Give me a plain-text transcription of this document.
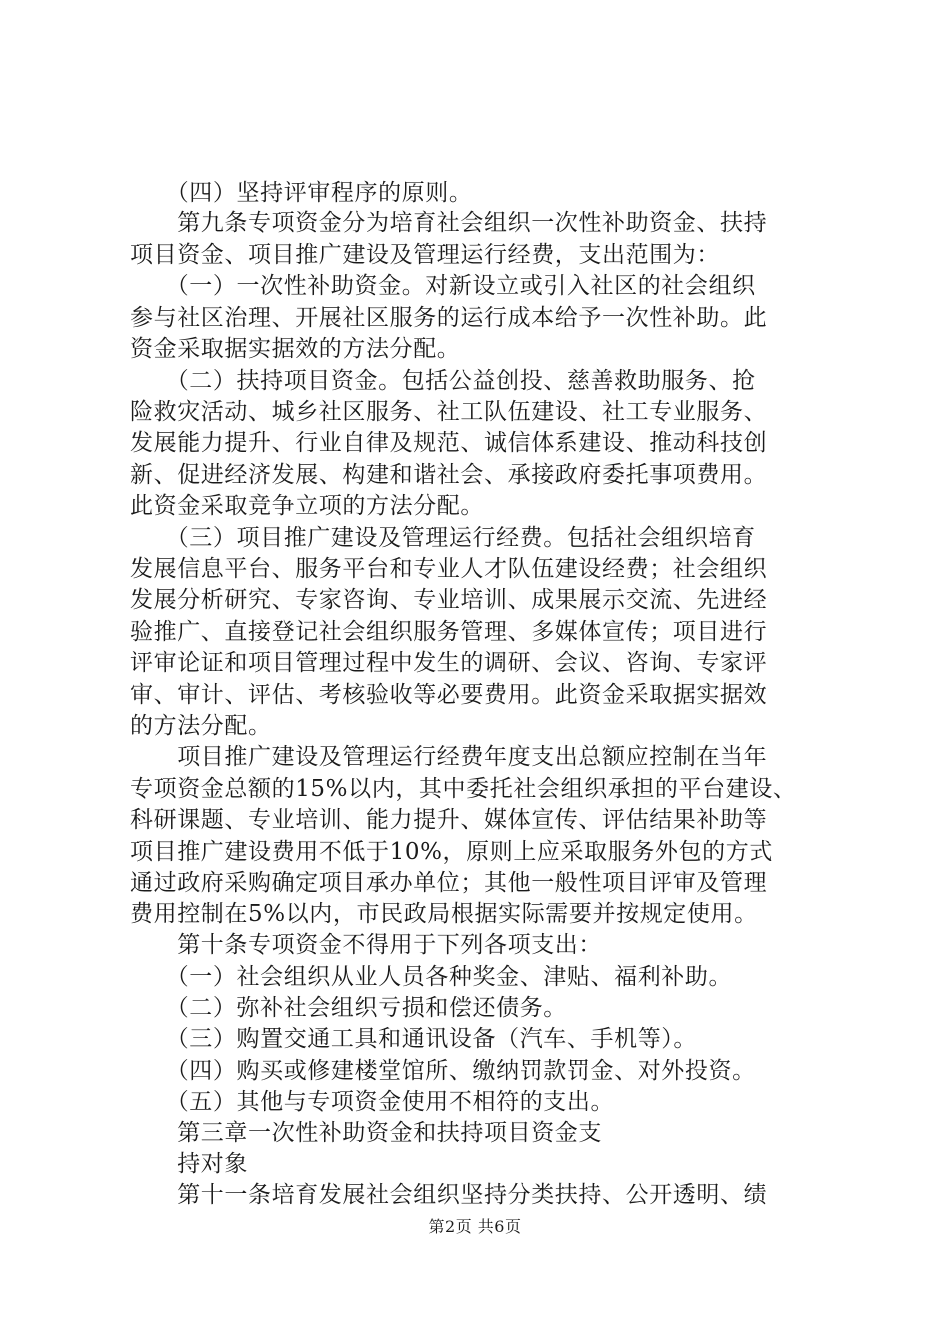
　　（四）坚持评审程序的原则。
　　第九条专项资金分为培育社会组织一次性补助资金、扶持
项目资金、项目推广建设及管理运行经费，支出范围为：
　　（一）一次性补助资金。对新设立或引入社区的社会组织
参与社区治理、开展社区服务的运行成本给予一次性补助。此
资金采取据实据效的方法分配。
　　（二）扶持项目资金。包括公益创投、慈善救助服务、抢
险救灾活动、城乡社区服务、社工队伍建设、社工专业服务、
发展能力提升、行业自律及规范、诚信体系建设、推动科技创
新、促进经济发展、构建和谐社会、承接政府委托事项费用。
此资金采取竞争立项的方法分配。
　　（三）项目推广建设及管理运行经费。包括社会组织培育
发展信息平台、服务平台和专业人才队伍建设经费；社会组织
发展分析研究、专家咨询、专业培训、成果展示交流、先进经
验推广、直接登记社会组织服务管理、多媒体宣传；项目进行
评审论证和项目管理过程中发生的调研、会议、咨询、专家评
审、审计、评估、考核验收等必要费用。此资金采取据实据效
的方法分配。
　　项目推广建设及管理运行经费年度支出总额应控制在当年
专项资金总额的15%以内，其中委托社会组织承担的平台建设、
科研课题、专业培训、能力提升、媒体宣传、评估结果补助等
项目推广建设费用不低于10%，原则上应采取服务外包的方式
通过政府采购确定项目承办单位；其他一般性项目评审及管理
费用控制在5%以内，市民政局根据实际需要并按规定使用。
　　第十条专项资金不得用于下列各项支出：
　　（一）社会组织从业人员各种奖金、津贴、福利补助。
　　（二）弥补社会组织亏损和偿还债务。
　　（三）购置交通工具和通讯设备（汽车、手机等）。
　　（四）购买或修建楼堂馆所、缴纳罚款罚金、对外投资。
　　（五）其他与专项资金使用不相符的支出。
　　第三章一次性补助资金和扶持项目资金支
　　持对象
　　第十一条培育发展社会组织坚持分类扶持、公开透明、绩
第2页 共6页
